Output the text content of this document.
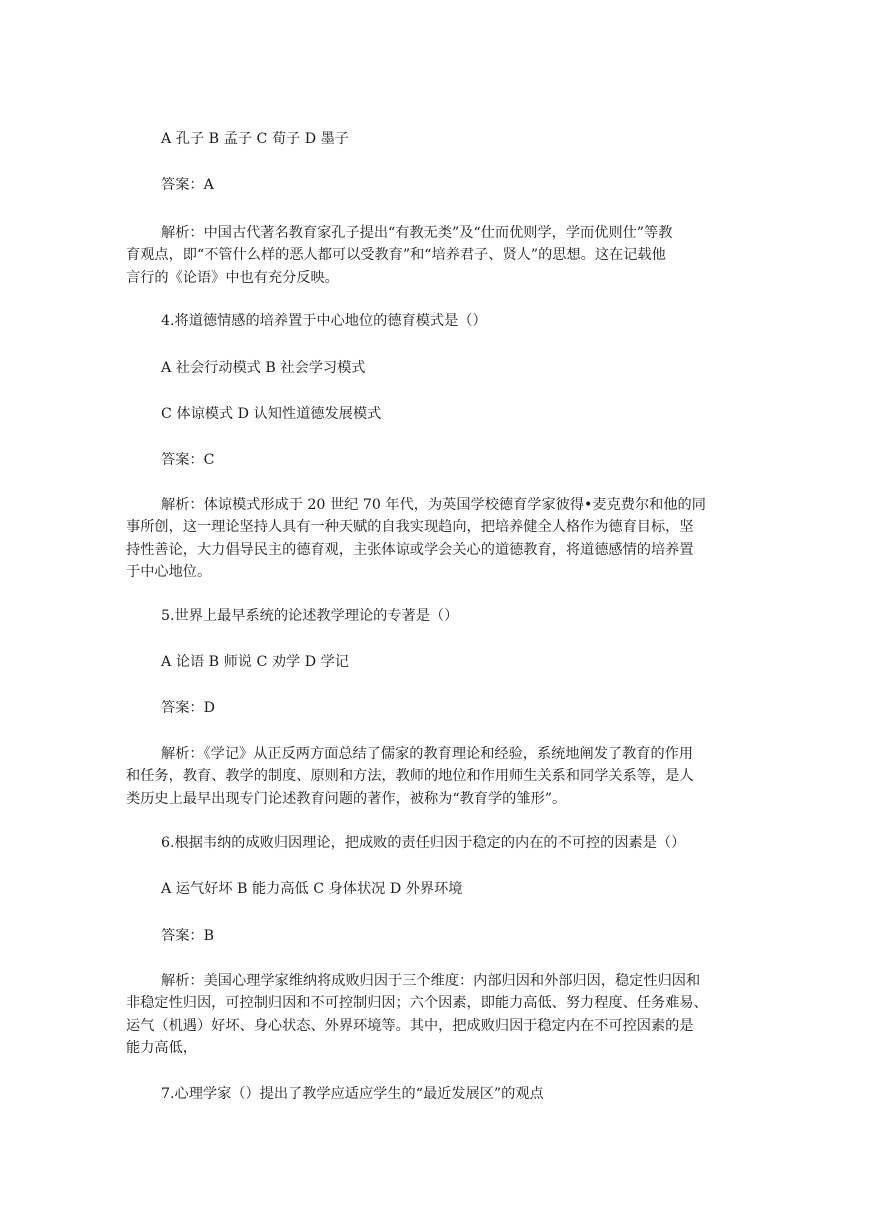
A 孔子 B 孟子 C 荀子 D 墨子

答案：A

解析：中国古代著名教育家孔子提出“有教无类”及“仕而优则学，学而优则仕”等教
育观点，即“不管什么样的恶人都可以受教育”和“培养君子、贤人”的思想。这在记载他
言行的《论语》中也有充分反映。

4.将道德情感的培养置于中心地位的德育模式是（）

A 社会行动模式 B 社会学习模式

C 体谅模式 D 认知性道德发展模式

答案：C

解析：体谅模式形成于 20 世纪 70 年代，为英国学校德育学家彼得•麦克费尔和他的同
事所创，这一理论坚持人具有一种天赋的自我实现趋向，把培养健全人格作为德育目标，坚
持性善论，大力倡导民主的德育观，主张体谅或学会关心的道德教育，将道德感情的培养置
于中心地位。

5.世界上最早系统的论述教学理论的专著是（）

A 论语 B 师说 C 劝学 D 学记

答案：D

解析：《学记》从正反两方面总结了儒家的教育理论和经验，系统地阐发了教育的作用
和任务，教育、教学的制度、原则和方法，教师的地位和作用师生关系和同学关系等，是人
类历史上最早出现专门论述教育问题的著作，被称为“教育学的雏形”。

6.根据韦纳的成败归因理论，把成败的责任归因于稳定的内在的不可控的因素是（）

A 运气好坏 B 能力高低 C 身体状况 D 外界环境

答案：B

解析：美国心理学家维纳将成败归因于三个维度：内部归因和外部归因，稳定性归因和
非稳定性归因，可控制归因和不可控制归因；六个因素，即能力高低、努力程度、任务难易、
运气（机遇）好坏、身心状态、外界环境等。其中，把成败归因于稳定内在不可控因素的是
能力高低，

7.心理学家（）提出了教学应适应学生的“最近发展区”的观点
